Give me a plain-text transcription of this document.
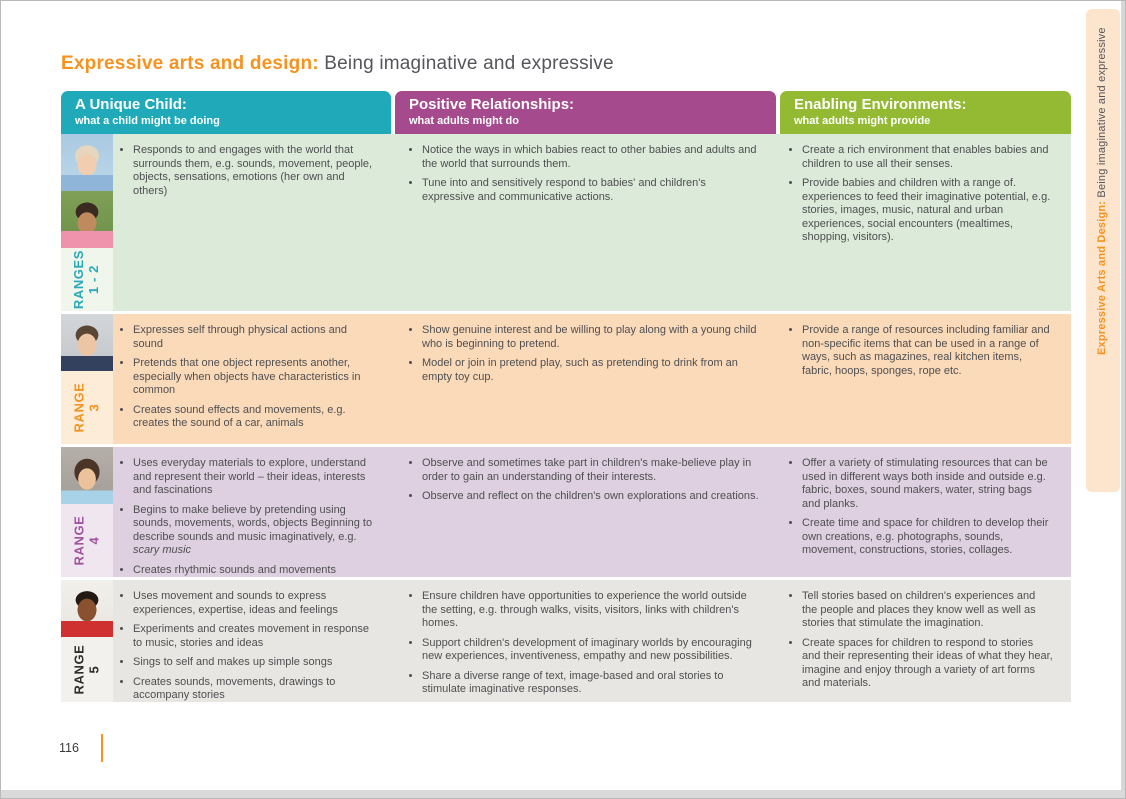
Expressive arts and design: Being imaginative and expressive
A Unique Child:
what a child might be doing
Positive Relationships:
what adults might do
Enabling Environments:
what adults might provide
RANGES 1 - 2
• Responds to and engages with the world that surrounds them, e.g. sounds, movement, people, objects, sensations, emotions (her own and others)
• Notice the ways in which babies react to other babies and adults and the world that surrounds them.
• Tune into and sensitively respond to babies' and children's expressive and communicative actions.
• Create a rich environment that enables babies and children to use all their senses.
• Provide babies and children with a range of. experiences to feed their imaginative potential, e.g. stories, images, music, natural and urban experiences, social encounters (mealtimes, shopping, visitors).
RANGE 3
• Expresses self through physical actions and sound
• Pretends that one object represents another, especially when objects have characteristics in common
• Creates sound effects and movements, e.g. creates the sound of a car, animals
• Show genuine interest and be willing to play along with a young child who is beginning to pretend.
• Model or join in pretend play, such as pretending to drink from an empty toy cup.
• Provide a range of resources including familiar and non-specific items that can be used in a range of ways, such as magazines, real kitchen items, fabric, hoops, sponges, rope etc.
RANGE 4
• Uses everyday materials to explore, understand and represent their world – their ideas, interests and fascinations
• Begins to make believe by pretending using sounds, movements, words, objects Beginning to describe sounds and music imaginatively, e.g. scary music
• Creates rhythmic sounds and movements
• Observe and sometimes take part in children's make-believe play in order to gain an understanding of their interests.
• Observe and reflect on the children's own explorations and creations.
• Offer a variety of stimulating resources that can be used in different ways both inside and outside e.g. fabric, boxes, sound makers, water, string bags and planks.
• Create time and space for children to develop their own creations, e.g. photographs, sounds, movement, constructions, stories, collages.
RANGE 5
• Uses movement and sounds to express experiences, expertise, ideas and feelings
• Experiments and creates movement in response to music, stories and ideas
• Sings to self and makes up simple songs
• Creates sounds, movements, drawings to accompany stories
• Ensure children have opportunities to experience the world outside the setting, e.g. through walks, visits, visitors, links with children's homes.
• Support children's development of imaginary worlds by encouraging new experiences, inventiveness, empathy and new possibilities.
• Share a diverse range of text, image-based and oral stories to stimulate imaginative responses.
• Tell stories based on children's experiences and the people and places they know well as well as stories that stimulate the imagination.
• Create spaces for children to respond to stories and their representing their ideas of what they hear, imagine and enjoy through a variety of art forms and materials.
116
Expressive Arts and Design: Being imaginative and expressive
